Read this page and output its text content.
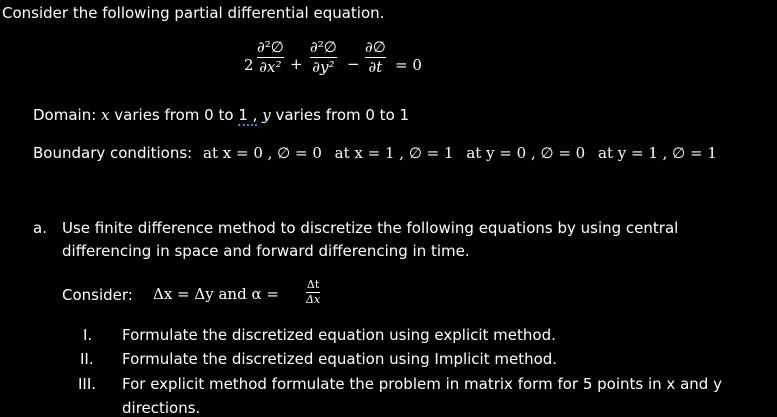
Consider the following partial differential equation.
2
∂²∅
∂x² +
∂²∅
∂y² −
∂∅
∂t = 0
Domain: x varies from 0 to 1 , y varies from 0 to 1
Boundary conditions: at x = 0 , ∅ = 0 at x = 1 , ∅ = 1 at y = 0 , ∅ = 0 at y = 1 , ∅ = 1
a. Use finite difference method to discretize the following equations by using central
differencing in space and forward differencing in time.
Consider: Δx = Δy and α =
Δt
Δx
I. Formulate the discretized equation using explicit method.
II. Formulate the discretized equation using Implicit method.
III. For explicit method formulate the problem in matrix form for 5 points in x and y
directions.
